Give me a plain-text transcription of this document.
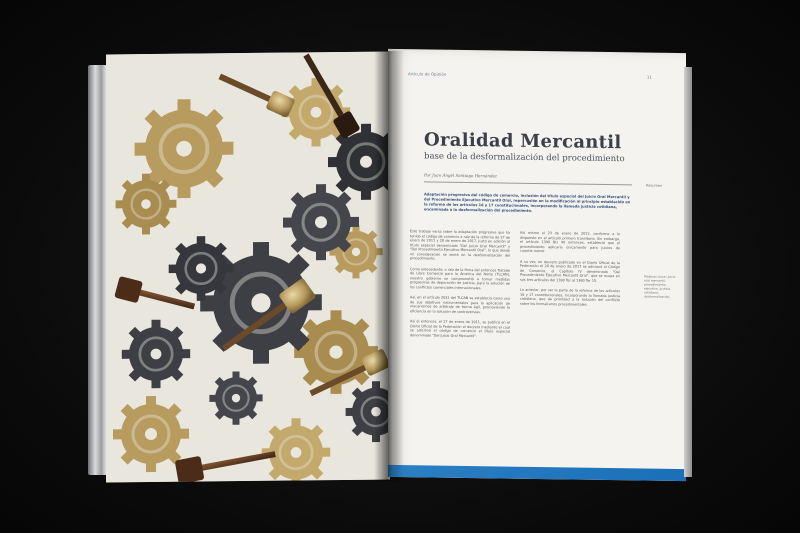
Artículo de Opinión
11
Oralidad Mercantil
base de la desformalización del procedimiento
Por Juan Ángel Santiago Hernández
Resumen
Adaptación progresiva del código de comercio, inclusión del título especial del Juicio Oral Mercantil y del Procedimiento Ejecutivo Mercantil Oral, repercusión en la modificación al principio establecido en la reforma de los artículos 16 y 17 constitucionales, incorporando la llamada justicia cotidiana, encaminada a la desformalización del procedimiento.

Este trabajo versa sobre la adaptación progresiva que ha tenido el código de comercio a raíz de la reforma de 27 de enero de 2011 y 28 de enero de 2017, justo en adición al título especial denominado "Del Juicio Oral Mercantil" y "Del Procedimiento Ejecutivo Mercantil Oral", lo que desde mi consideración se sentó en la desformalización del procedimiento.

Como antecedente, a raíz de la firma del entonces Tratado de Libre Comercio para la América del Norte (TLCAN), nuestro gobierno se comprometió a tomar medidas progresivas de depuración de justicia, para la solución de los conflictos comerciales internacionales.

Así, en el artículo 2022 del TLCAN se establecía como una de sus objetivos instrumentales para la aplicación de mecanismos de arbitraje de forma ágil, promoviendo la eficiencia en la solución de controversias.

Así el entonces, el 27 de enero de 2011, se publicó en el Diario Oficial de la Federación el decreto mediante el cual se adicionó el código de comercio el título especial denominado "Del Juicio Oral Mercantil".

Así mismo el 23 de enero de 2012, conforme a lo dispuesto en el artículo primero transitorio. Sin embargo, el artículo 1390 Bis 40 entonces, estableció que el procedimiento aplicaría únicamente para juicios de cuantía menor.

A su vez, en decreto publicado en el Diario Oficial de la Federación el 28 de enero de 2017 se adicionó al Código de Comercio, el Capítulo IV denominado "Del Procedimiento Ejecutivo Mercantil Oral", que se ocupa en sus tres artículos del 1390 Ter al 1390 Ter 15.

Lo anterior, por ser la parte de la reforma de los artículos 16 y 17 constitucionales, incorporando la llamada justicia cotidiana, que da prioridad a la solución del conflicto sobre los formalismos procedimentales.

Palabras clave: Juicio oral mercantil, procedimiento ejecutivo, justicia cotidiana, desformalización.
